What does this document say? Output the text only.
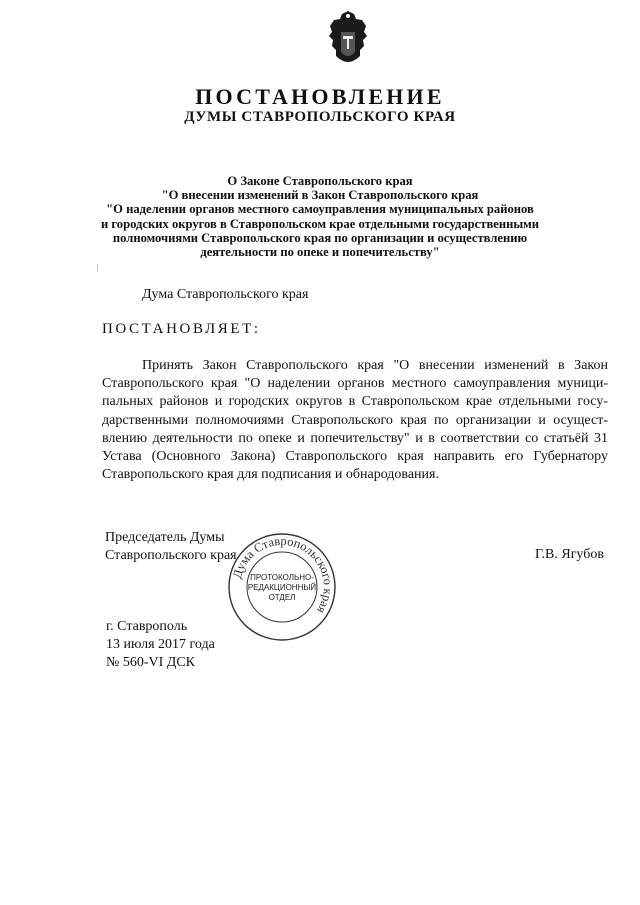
ПОСТАНОВЛЕНИЕ
ДУМЫ СТАВРОПОЛЬСКОГО КРАЯ
О Законе Ставропольского края
"О внесении изменений в Закон Ставропольского края
"О наделении органов местного самоуправления муниципальных районов
и городских округов в Ставропольском крае отдельными государственными
полномочиями Ставропольского края по организации и осуществлению
деятельности по опеке и попечительству"
Дума Ставропольского края
ПОСТАНОВЛЯЕТ:
Принять Закон Ставропольского края "О внесении изменений в Закон Ставропольского края "О наделении органов местного самоуправления муниципальных районов и городских округов в Ставропольском крае отдельными государственными полномочиями Ставропольского края по организации и осуществлению деятельности по опеке и попечительству" и в соответствии со статьёй 31 Устава (Основного Закона) Ставропольского края направить его Губернатору Ставропольского края для подписания и обнародования.
Председатель Думы
Ставропольского края	Г.В. Ягубов
г. Ставрополь
13 июля 2017 года
№ 560-VI ДСК
Дума Ставропольского края
ПРОТОКОЛЬНО-
РЕДАКЦИОННЫЙ
ОТДЕЛ
